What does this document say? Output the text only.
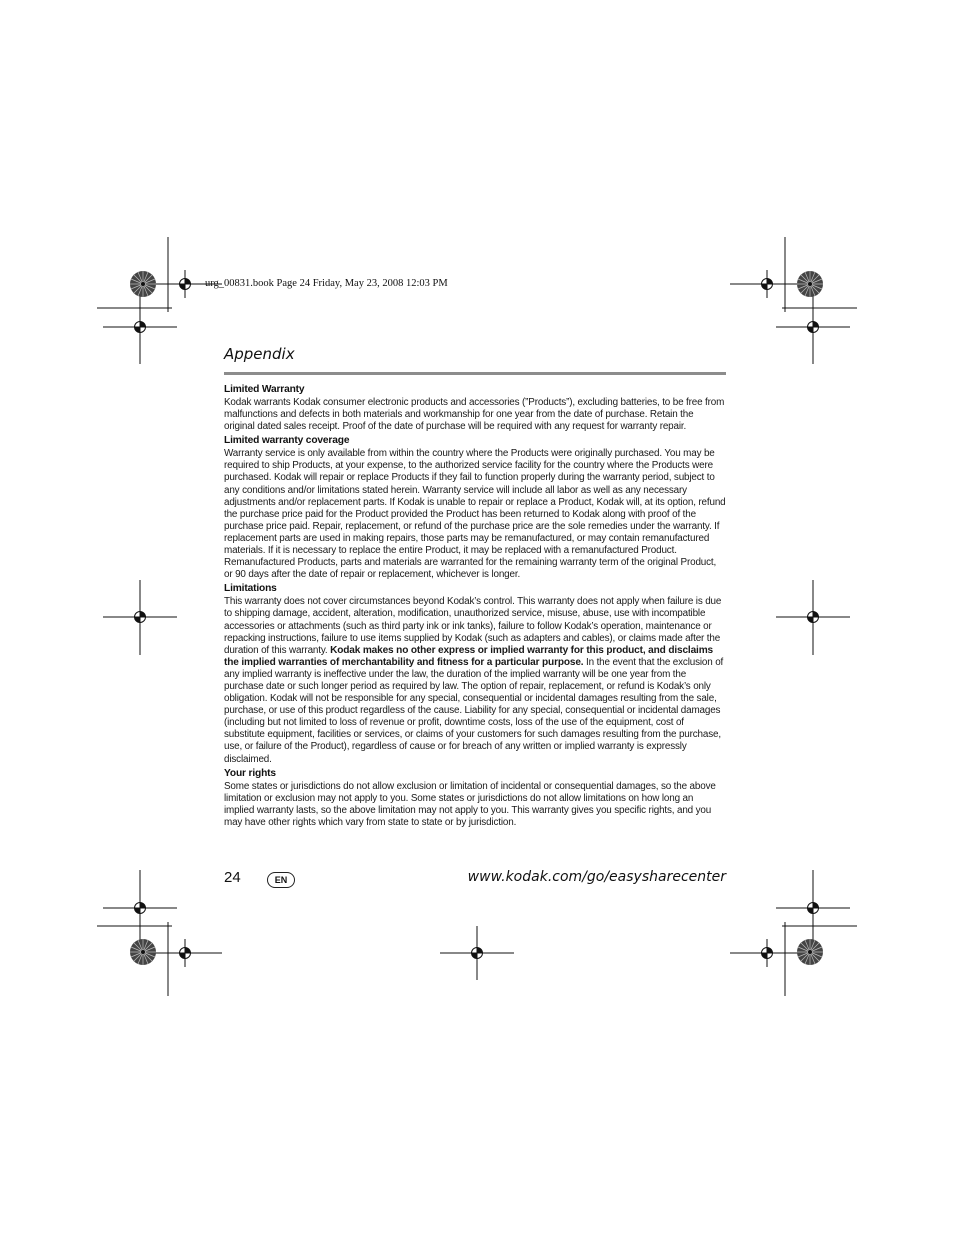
urg_00831.book Page 24 Friday, May 23, 2008 12:03 PM
Appendix
Limited Warranty

Kodak warrants Kodak consumer electronic products and accessories (”Products”), excluding batteries, to be free from malfunctions and defects in both materials and workmanship for one year from the date of purchase. Retain the original dated sales receipt. Proof of the date of purchase will be required with any request for warranty repair.

Limited warranty coverage

Warranty service is only available from within the country where the Products were originally purchased. You may be required to ship Products, at your expense, to the authorized service facility for the country where the Products were purchased. Kodak will repair or replace Products if they fail to function properly during the warranty period, subject to any conditions and/or limitations stated herein. Warranty service will include all labor as well as any necessary adjustments and/or replacement parts. If Kodak is unable to repair or replace a Product, Kodak will, at its option, refund the purchase price paid for the Product provided the Product has been returned to Kodak along with proof of the purchase price paid. Repair, replacement, or refund of the purchase price are the sole remedies under the warranty. If replacement parts are used in making repairs, those parts may be remanufactured, or may contain remanufactured materials. If it is necessary to replace the entire Product, it may be replaced with a remanufactured Product. Remanufactured Products, parts and materials are warranted for the remaining warranty term of the original Product, or 90 days after the date of repair or replacement, whichever is longer.

Limitations

This warranty does not cover circumstances beyond Kodak’s control. This warranty does not apply when failure is due to shipping damage, accident, alteration, modification, unauthorized service, misuse, abuse, use with incompatible accessories or attachments (such as third party ink or ink tanks), failure to follow Kodak’s operation, maintenance or repacking instructions, failure to use items supplied by Kodak (such as adapters and cables), or claims made after the duration of this warranty. Kodak makes no other express or implied warranty for this product, and disclaims the implied warranties of merchantability and fitness for a particular purpose. In the event that the exclusion of any implied warranty is ineffective under the law, the duration of the implied warranty will be one year from the purchase date or such longer period as required by law. The option of repair, replacement, or refund is Kodak’s only obligation. Kodak will not be responsible for any special, consequential or incidental damages resulting from the sale, purchase, or use of this product regardless of the cause. Liability for any special, consequential or incidental damages (including but not limited to loss of revenue or profit, downtime costs, loss of the use of the equipment, cost of substitute equipment, facilities or services, or claims of your customers for such damages resulting from the purchase, use, or failure of the Product), regardless of cause or for breach of any written or implied warranty is expressly disclaimed.

Your rights

Some states or jurisdictions do not allow exclusion or limitation of incidental or consequential damages, so the above limitation or exclusion may not apply to you. Some states or jurisdictions do not allow limitations on how long an implied warranty lasts, so the above limitation may not apply to you. This warranty gives you specific rights, and you may have other rights which vary from state to state or by jurisdiction.

24	EN	www.kodak.com/go/easysharecenter
